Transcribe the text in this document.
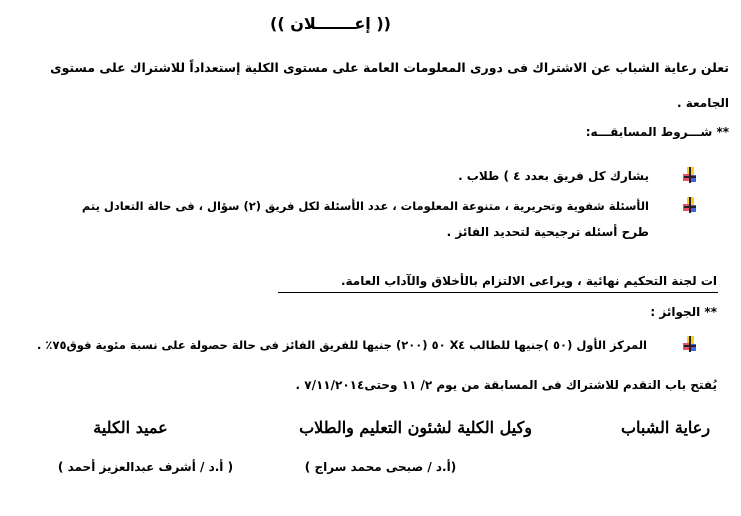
(( إعـــــــلان ))
تعلن رعاية الشباب عن الاشتراك فى دورى المعلومات العامة على مستوى الكلية إستعداداً للاشتراك على مستوى
الجامعة .
** شـــروط المسابقـــه:
يشارك كل فريق بعدد ٤ ) طلاب .
الأسئلة شفوية وتحريرية ، متنوعة المعلومات ، عدد الأسئلة لكل فريق (٢) سؤال ، فى حالة التعادل يتم
طرح أسئله ترجيحية لتحديد الفائز .
ات لجنة التحكيم نهائية ، ويراعى الالتزام بالأخلاق والآداب العامة.
** الجوائز :
المركز الأول (٥٠ )جنيها للطالب X٤ ٥٠ (٢٠٠) جنيها للفريق الفائز فى حالة حصولة على نسبة مئوية فوق٧٥٪ .
يُفتح باب التقدم للاشتراك فى المسابقة من يوم ٢/ ١١ وحتى٧/١١/٢٠١٤ .
رعاية الشباب
وكيل الكلية لشئون التعليم والطلاب
عميد الكلية
(أ.د / صبحى محمد سراج )
( أ.د / أشرف عبدالعزيز أحمد )
